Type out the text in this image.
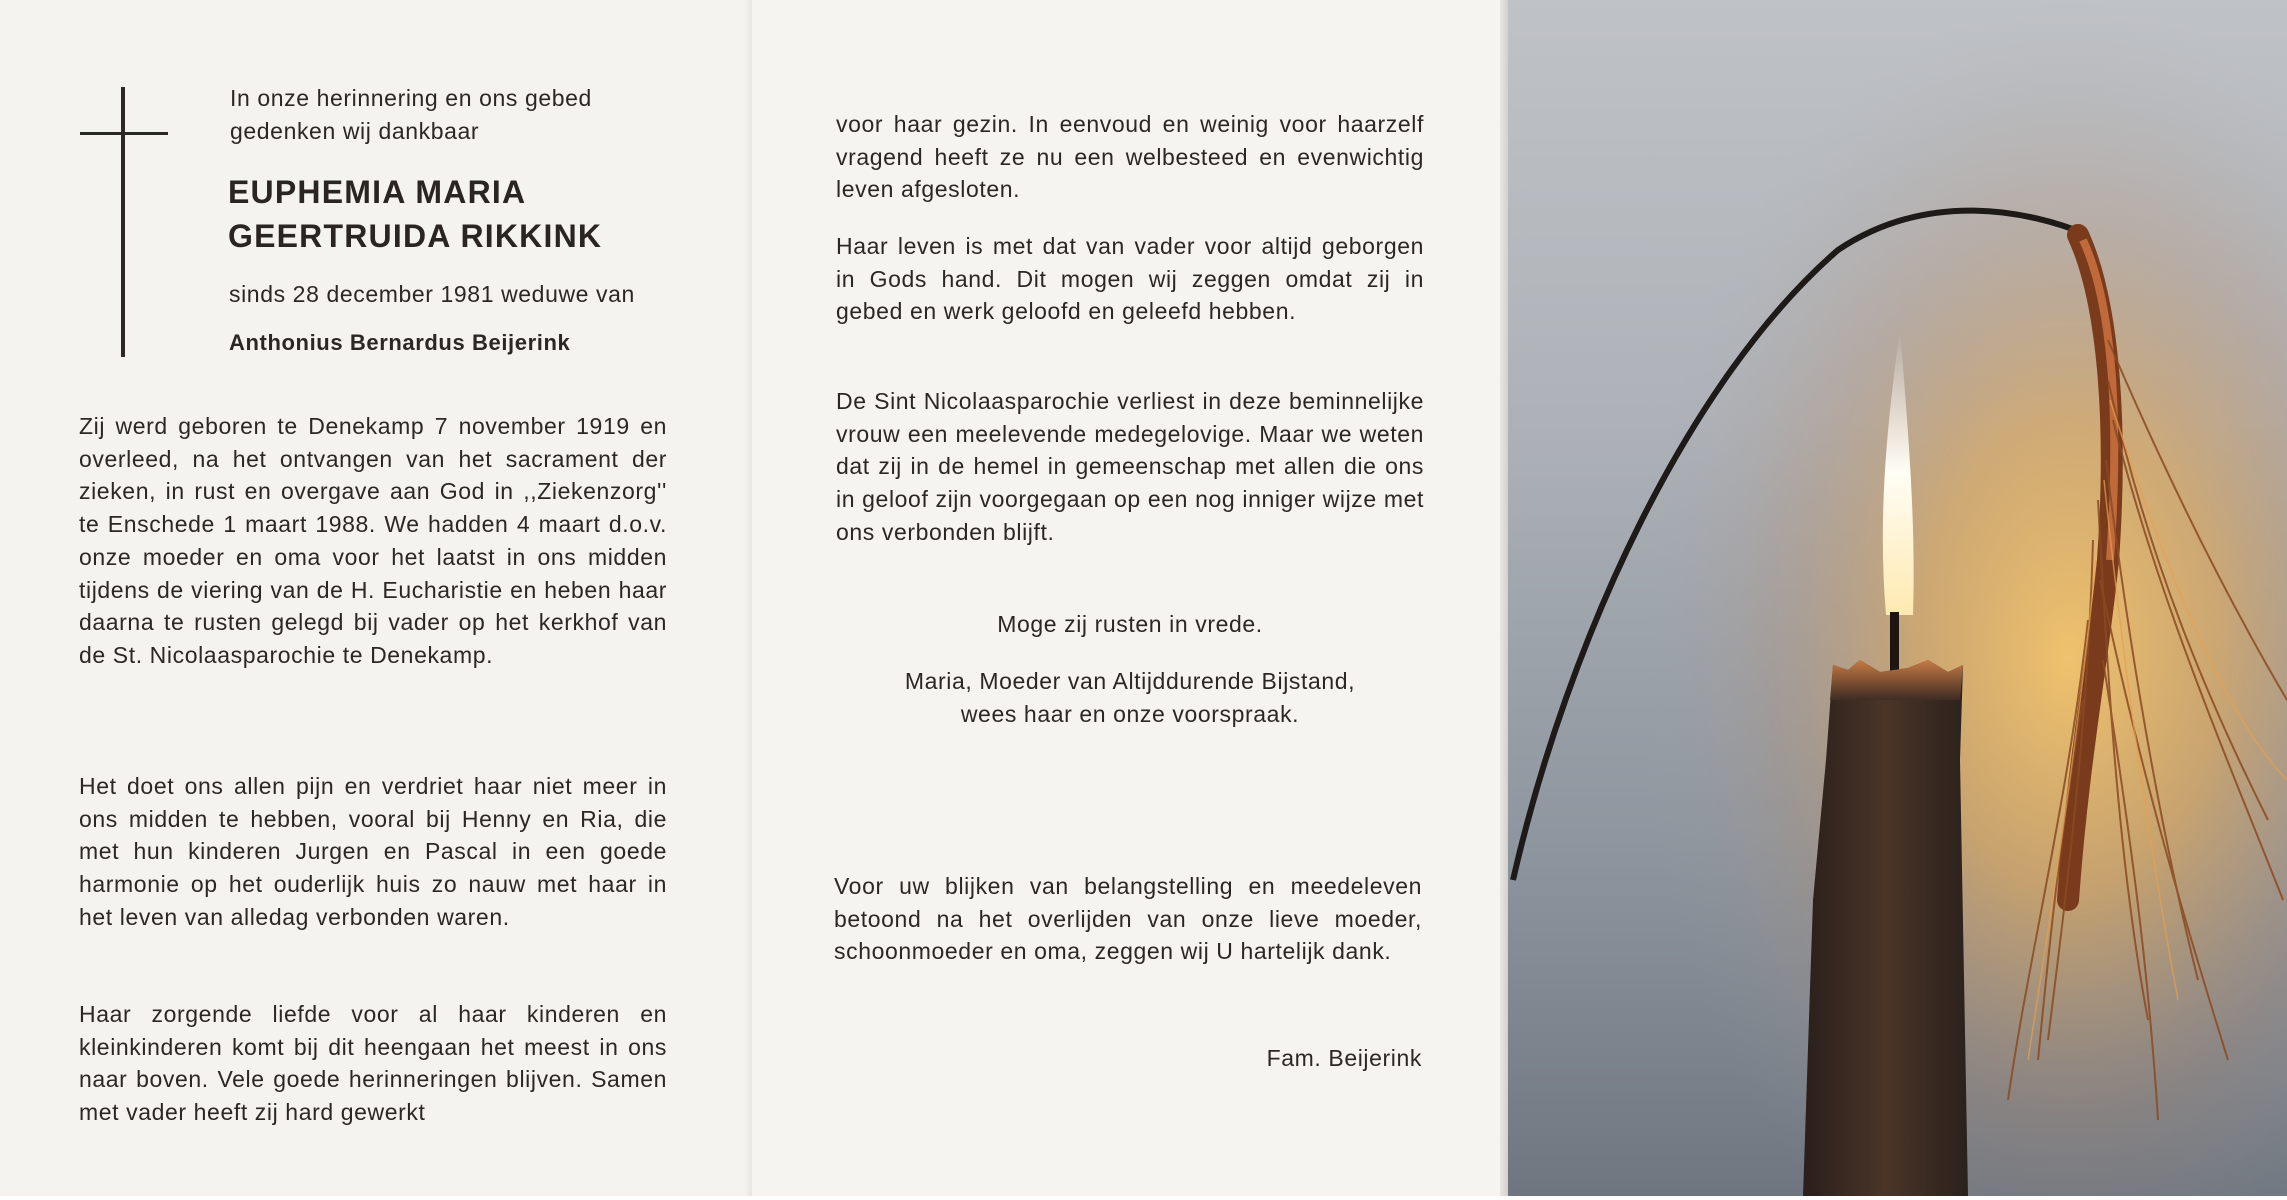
In onze herinnering en ons gebed gedenken wij dankbaar

EUPHEMIA MARIA
GEERTRUIDA RIKKINK

sinds 28 december 1981 weduwe van

Anthonius Bernardus Beijerink

Zij werd geboren te Denekamp 7 november 1919 en overleed, na het ontvangen van het sacrament der zieken, in rust en overgave aan God in ,,Ziekenzorg'' te Enschede 1 maart 1988. We hadden 4 maart d.o.v. onze moeder en oma voor het laatst in ons midden tijdens de viering van de H. Eucharistie en heben haar daarna te rusten gelegd bij vader op het kerkhof van de St. Nicolaasparochie te Denekamp.

Het doet ons allen pijn en verdriet haar niet meer in ons midden te hebben, vooral bij Henny en Ria, die met hun kinderen Jurgen en Pascal in een goede harmonie op het ouderlijk huis zo nauw met haar in het leven van alledag verbonden waren.

Haar zorgende liefde voor al haar kinderen en kleinkinderen komt bij dit heengaan het meest in ons naar boven. Vele goede herinneringen blijven. Samen met vader heeft zij hard gewerkt

voor haar gezin. In eenvoud en weinig voor haarzelf vragend heeft ze nu een welbesteed en evenwichtig leven afgesloten.

Haar leven is met dat van vader voor altijd geborgen in Gods hand. Dit mogen wij zeggen omdat zij in gebed en werk geloofd en geleefd hebben.

De Sint Nicolaasparochie verliest in deze beminnelijke vrouw een meelevende medegelovige. Maar we weten dat zij in de hemel in gemeenschap met allen die ons in geloof zijn voorgegaan op een nog inniger wijze met ons verbonden blijft.

Moge zij rusten in vrede.

Maria, Moeder van Altijddurende Bijstand,
wees haar en onze voorspraak.

Voor uw blijken van belangstelling en meedeleven betoond na het overlijden van onze lieve moeder, schoonmoeder en oma, zeggen wij U hartelijk dank.

Fam. Beijerink
